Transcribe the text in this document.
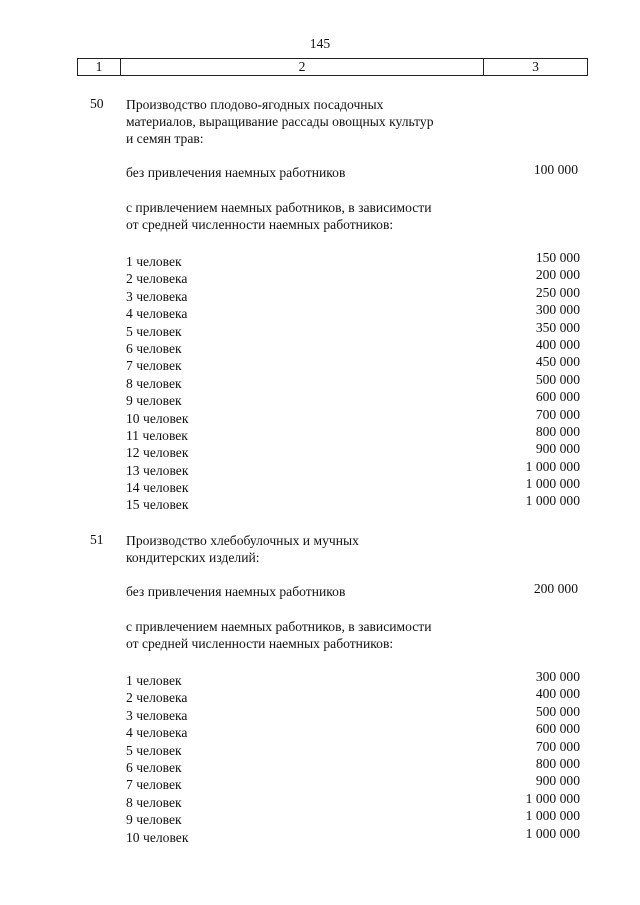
145
1	2	3
50 Производство плодово-ягодных посадочных
материалов, выращивание рассады овощных культур
и семян трав:
без привлечения наемных работников	100 000
с привлечением наемных работников, в зависимости
от средней численности наемных работников:
1 человек	150 000
2 человека	200 000
3 человека	250 000
4 человека	300 000
5 человек	350 000
6 человек	400 000
7 человек	450 000
8 человек	500 000
9 человек	600 000
10 человек	700 000
11 человек	800 000
12 человек	900 000
13 человек	1 000 000
14 человек	1 000 000
15 человек	1 000 000
51 Производство хлебобулочных и мучных
кондитерских изделий:
без привлечения наемных работников	200 000
с привлечением наемных работников, в зависимости
от средней численности наемных работников:
1 человек	300 000
2 человека	400 000
3 человека	500 000
4 человека	600 000
5 человек	700 000
6 человек	800 000
7 человек	900 000
8 человек	1 000 000
9 человек	1 000 000
10 человек	1 000 000
